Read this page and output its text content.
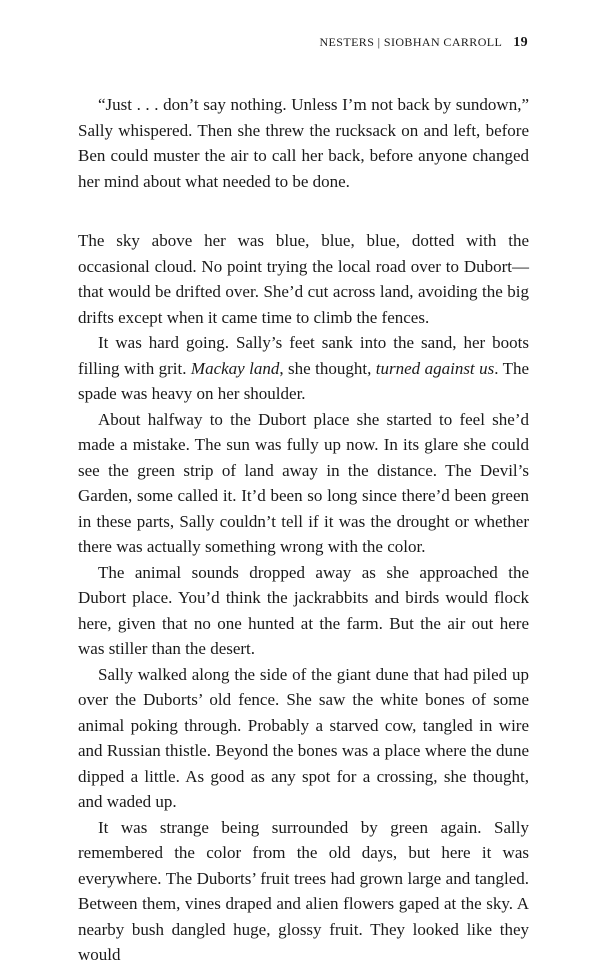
NESTERS | SIOBHAN CARROLL 19

“Just . . . don’t say nothing. Unless I’m not back by sundown,” Sally whispered. Then she threw the rucksack on and left, before Ben could muster the air to call her back, before anyone changed her mind about what needed to be done.

The sky above her was blue, blue, blue, dotted with the occasional cloud. No point trying the local road over to Dubort—that would be drifted over. She’d cut across land, avoiding the big drifts except when it came time to climb the fences.

It was hard going. Sally’s feet sank into the sand, her boots filling with grit. Mackay land, she thought, turned against us. The spade was heavy on her shoulder.

About halfway to the Dubort place she started to feel she’d made a mistake. The sun was fully up now. In its glare she could see the green strip of land away in the distance. The Devil’s Garden, some called it. It’d been so long since there’d been green in these parts, Sally couldn’t tell if it was the drought or whether there was actually something wrong with the color.

The animal sounds dropped away as she approached the Dubort place. You’d think the jackrabbits and birds would flock here, given that no one hunted at the farm. But the air out here was stiller than the desert.

Sally walked along the side of the giant dune that had piled up over the Duborts’ old fence. She saw the white bones of some animal poking through. Probably a starved cow, tangled in wire and Russian thistle. Beyond the bones was a place where the dune dipped a little. As good as any spot for a crossing, she thought, and waded up.

It was strange being surrounded by green again. Sally remembered the color from the old days, but here it was everywhere. The Duborts’ fruit trees had grown large and tangled. Between them, vines draped and alien flowers gaped at the sky. A nearby bush dangled huge, glossy fruit. They looked like they would
